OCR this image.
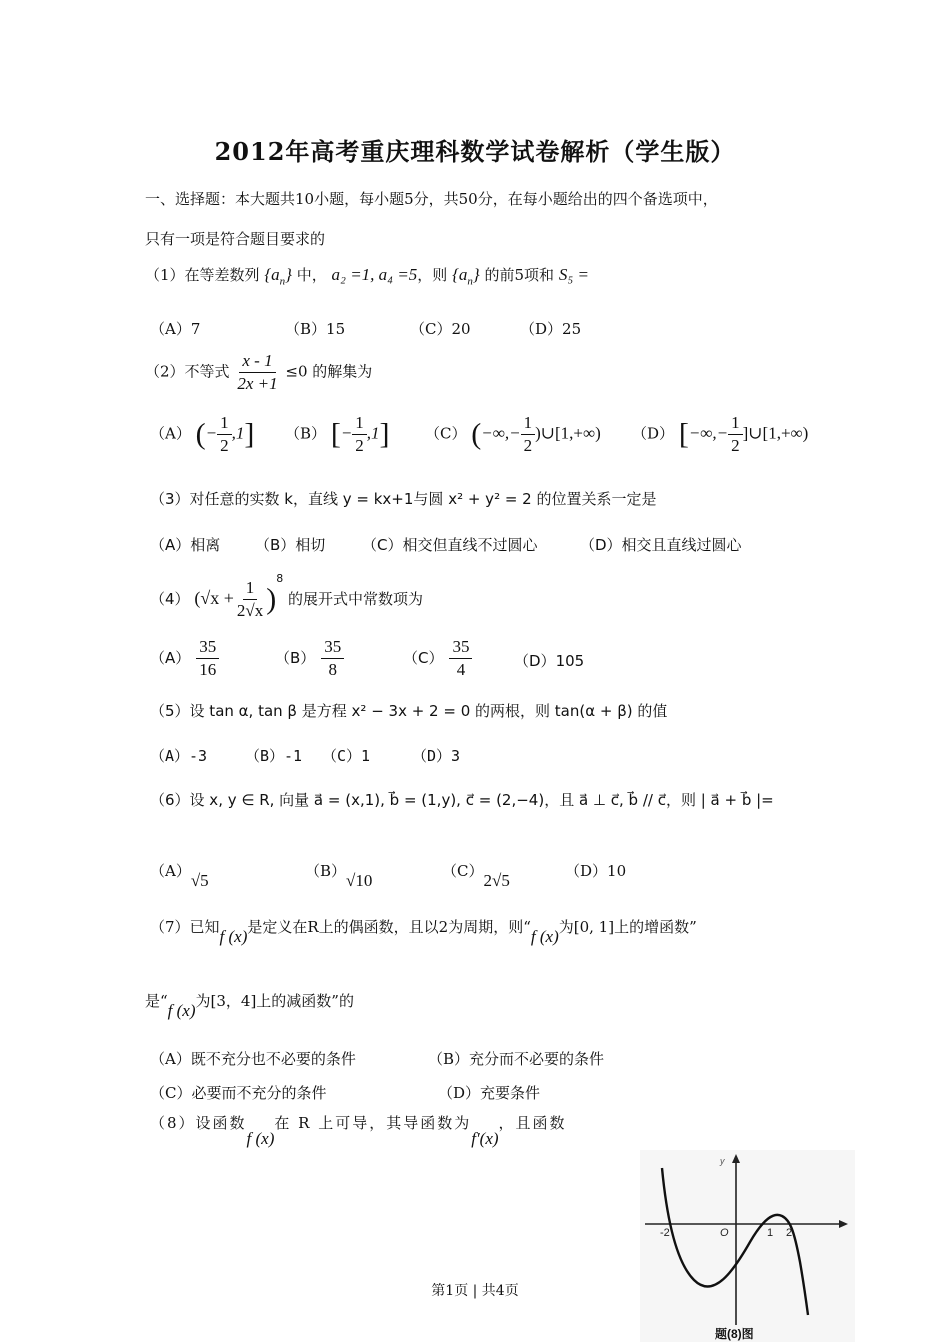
2012年高考重庆理科数学试卷解析（学生版）
一、选择题：本大题共10小题，每小题5分，共50分，在每小题给出的四个备选项中，
只有一项是符合题目要求的
（1）在等差数列 $\{a_n\}$ 中， a₂ =1, a₄ =5，则 $\{a_n\}$ 的前5项和 S₅ =
（A）7	（B）15	（C）20	（D）25
（2）不等式 $\frac{x - 1}{2x +1} \le 0$ 的解集为
（A） (− $\frac{1}{2} ,1$] （B） [− $\frac{1}{2} ,1$] （C） (−∞,− $\frac{1}{2}$ )∪[1,+∞) （D） [−∞,− $\frac{1}{2}$ ]∪[1,+∞)
（3）对任意的实数 k，直线 y = kx+1与圆 x² + y² = 2 的位置关系一定是
（A）相离 （B）相切 （C）相交但直线不过圆心	（D）相交且直线过圆心
（4） $(√x + \frac{1}{2√x} )^8$ 的展开式中常数项为
$(A) \frac{35}{16}$	$(B) \frac{35}{8}$	$(C) \frac{35}{4}$	（D）105
（5）设 tan α, tan β 是方程 x² − 3x + 2 = 0 的两根，则 tan(α + β) 的值
（A）-3	（B）-1 （C）1	（D）3
（6）设 x, y ∈ R, 向量 a⃗ = (x,1), b⃗ = (1,y), c⃗ = (2,−4)，且 a⃗ ⊥ c⃗, b⃗ // c⃗，则 | a⃗ + b⃗ |=
（A）√5	（B）√10	（C）2√5	（D）10
（7）已知f (x)是定义在R上的偶函数，且以2为周期，则“f (x)为[0, 1]上的增函数”
是“f (x)为[3，4]上的减函数”的
（A）既不充分也不必要的条件	（B）充分而不必要的条件
（C）必要而不充分的条件	（D）充要条件
（8）设函数f (x)在 R 上可导，其导函数为f′(x)，且函数
-2	O	1 2
y
题(8)图
第1页 | 共4页
